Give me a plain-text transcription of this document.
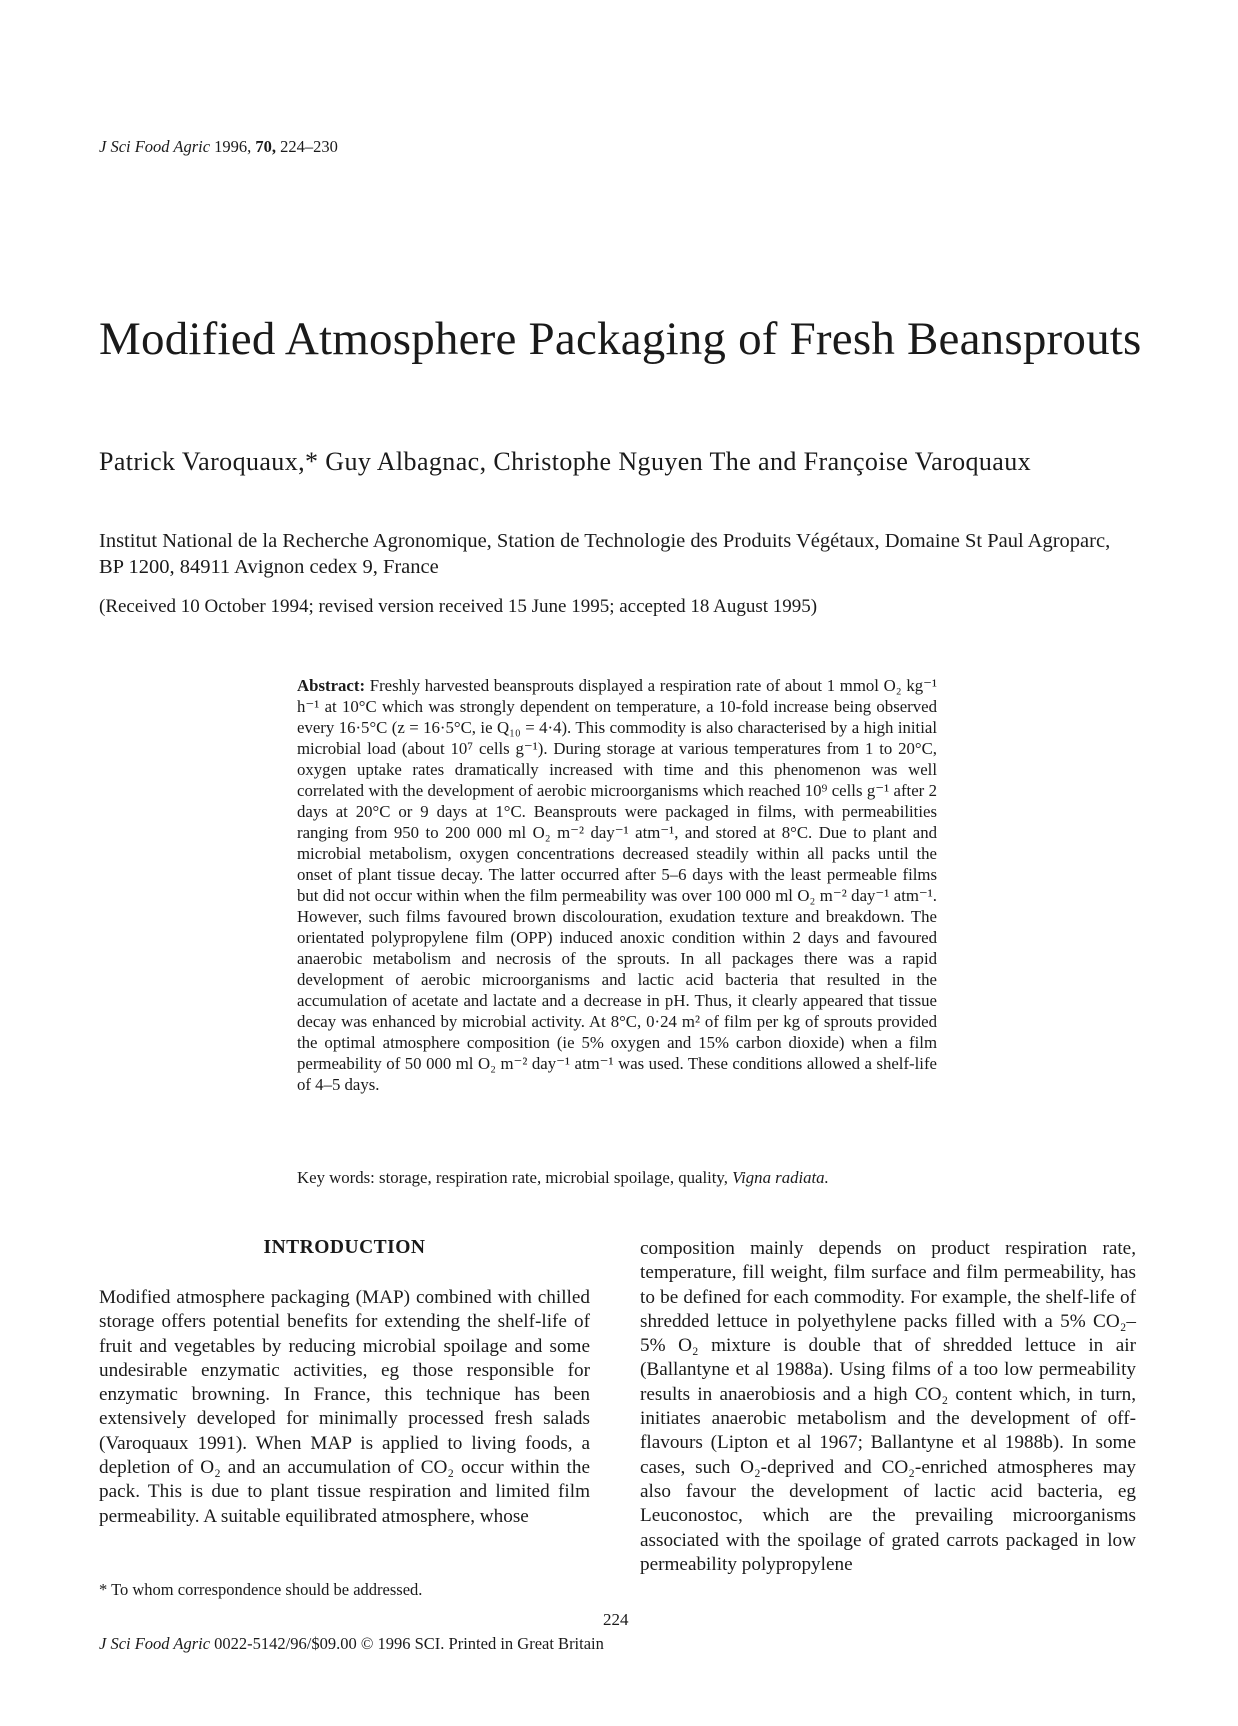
J Sci Food Agric 1996, 70, 224–230
Modified Atmosphere Packaging of Fresh Beansprouts
Patrick Varoquaux,* Guy Albagnac, Christophe Nguyen The and Françoise Varoquaux
Institut National de la Recherche Agronomique, Station de Technologie des Produits Végétaux, Domaine St Paul Agroparc, BP 1200, 84911 Avignon cedex 9, France
(Received 10 October 1994; revised version received 15 June 1995; accepted 18 August 1995)
Abstract: Freshly harvested beansprouts displayed a respiration rate of about 1 mmol O₂ kg⁻¹ h⁻¹ at 10°C which was strongly dependent on temperature, a 10-fold increase being observed every 16·5°C (z = 16·5°C, ie Q₁₀ = 4·4). This commodity is also characterised by a high initial microbial load (about 10⁷ cells g⁻¹). During storage at various temperatures from 1 to 20°C, oxygen uptake rates dramatically increased with time and this phenomenon was well correlated with the development of aerobic microorganisms which reached 10⁹ cells g⁻¹ after 2 days at 20°C or 9 days at 1°C. Beansprouts were packaged in films, with permeabilities ranging from 950 to 200 000 ml O₂ m⁻² day⁻¹ atm⁻¹, and stored at 8°C. Due to plant and microbial metabolism, oxygen concentrations decreased steadily within all packs until the onset of plant tissue decay. The latter occurred after 5–6 days with the least permeable films but did not occur within when the film permeability was over 100 000 ml O₂ m⁻² day⁻¹ atm⁻¹. However, such films favoured brown discolouration, exudation texture and breakdown. The orientated polypropylene film (OPP) induced anoxic condition within 2 days and favoured anaerobic metabolism and necrosis of the sprouts. In all packages there was a rapid development of aerobic microorganisms and lactic acid bacteria that resulted in the accumulation of acetate and lactate and a decrease in pH. Thus, it clearly appeared that tissue decay was enhanced by microbial activity. At 8°C, 0·24 m² of film per kg of sprouts provided the optimal atmosphere composition (ie 5% oxygen and 15% carbon dioxide) when a film permeability of 50 000 ml O₂ m⁻² day⁻¹ atm⁻¹ was used. These conditions allowed a shelf-life of 4–5 days.
Key words: storage, respiration rate, microbial spoilage, quality, Vigna radiata.
INTRODUCTION
Modified atmosphere packaging (MAP) combined with chilled storage offers potential benefits for extending the shelf-life of fruit and vegetables by reducing microbial spoilage and some undesirable enzymatic activities, eg those responsible for enzymatic browning. In France, this technique has been extensively developed for minimally processed fresh salads (Varoquaux 1991). When MAP is applied to living foods, a depletion of O₂ and an accumulation of CO₂ occur within the pack. This is due to plant tissue respiration and limited film permeability. A suitable equilibrated atmosphere, whose
composition mainly depends on product respiration rate, temperature, fill weight, film surface and film permeability, has to be defined for each commodity. For example, the shelf-life of shredded lettuce in polyethylene packs filled with a 5% CO₂–5% O₂ mixture is double that of shredded lettuce in air (Ballantyne et al 1988a). Using films of a too low permeability results in anaerobiosis and a high CO₂ content which, in turn, initiates anaerobic metabolism and the development of off-flavours (Lipton et al 1967; Ballantyne et al 1988b). In some cases, such O₂-deprived and CO₂-enriched atmospheres may also favour the development of lactic acid bacteria, eg Leuconostoc, which are the prevailing microorganisms associated with the spoilage of grated carrots packaged in low permeability polypropylene
* To whom correspondence should be addressed.
224
J Sci Food Agric 0022-5142/96/$09.00 © 1996 SCI. Printed in Great Britain
